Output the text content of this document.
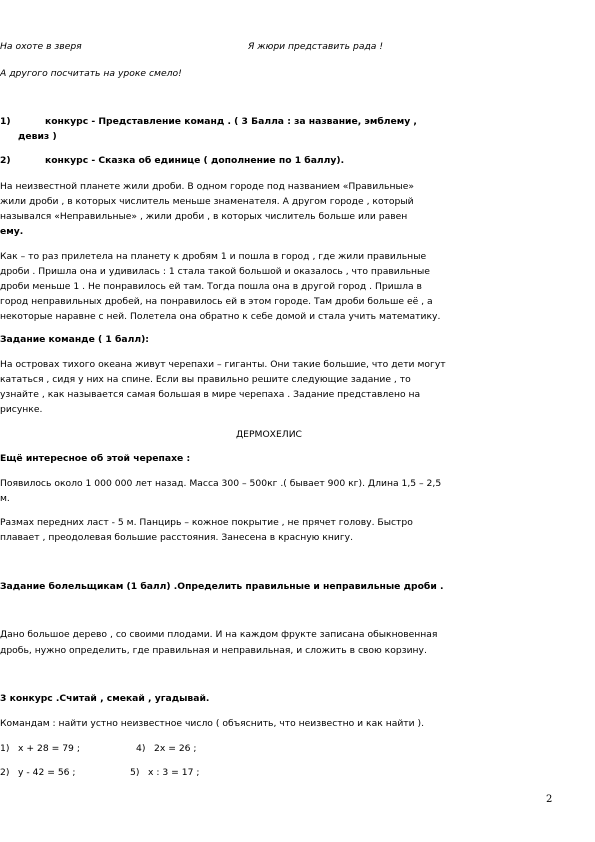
На охоте в зверя	Я жюри представить рада !
А другого посчитать на уроке смело!
1)	конкурс - Представление команд . ( 3 Балла : за название, эмблему ,
девиз )
2)	конкурс - Сказка об единице ( дополнение по 1 баллу).
На неизвестной планете жили дроби. В одном городе под названием «Правильные»
жили дроби , в которых числитель меньше знаменателя. А другом городе , который
назывался «Неправильные» , жили дроби , в которых числитель больше или равен
ему.
Как – то раз прилетела на планету к дробям 1 и пошла в город , где жили правильные
дроби . Пришла она и удивилась : 1 стала такой большой и оказалось , что правильные
дроби меньше 1 . Не понравилось ей там. Тогда пошла она в другой город . Пришла в
город неправильных дробей, на понравилось ей в этом городе. Там дроби больше её , а
некоторые наравне с ней. Полетела она обратно к себе домой и стала учить математику.
Задание команде ( 1 балл):
На островах тихого океана живут черепахи – гиганты. Они такие большие, что дети могут
кататься , сидя у них на спине. Если вы правильно решите следующие задание , то
узнайте , как называется самая большая в мире черепаха . Задание представлено на
рисунке.
ДЕРМОХЕЛИС
Ещё интересное об этой черепахе :
Появилось около 1 000 000 лет назад. Масса 300 – 500кг .( бывает 900 кг). Длина 1,5 – 2,5
м.
Размах передних ласт - 5 м. Панцирь – кожное покрытие , не прячет голову. Быстро
плавает , преодолевая большие расстояния. Занесена в красную книгу.
Задание болельщикам (1 балл) .Определить правильные и неправильные дроби .
Дано большое дерево , со своими плодами. И на каждом фрукте записана обыкновенная
дробь, нужно определить, где правильная и неправильная, и сложить в свою корзину.
3 конкурс .Считай , смекай , угадывай.
Командам : найти устно неизвестное число ( объяснить, что неизвестно и как найти ).
1) x + 28 = 79 ;	4) 2x = 26 ;
2) y - 42 = 56 ;	5) x : 3 = 17 ;
2
